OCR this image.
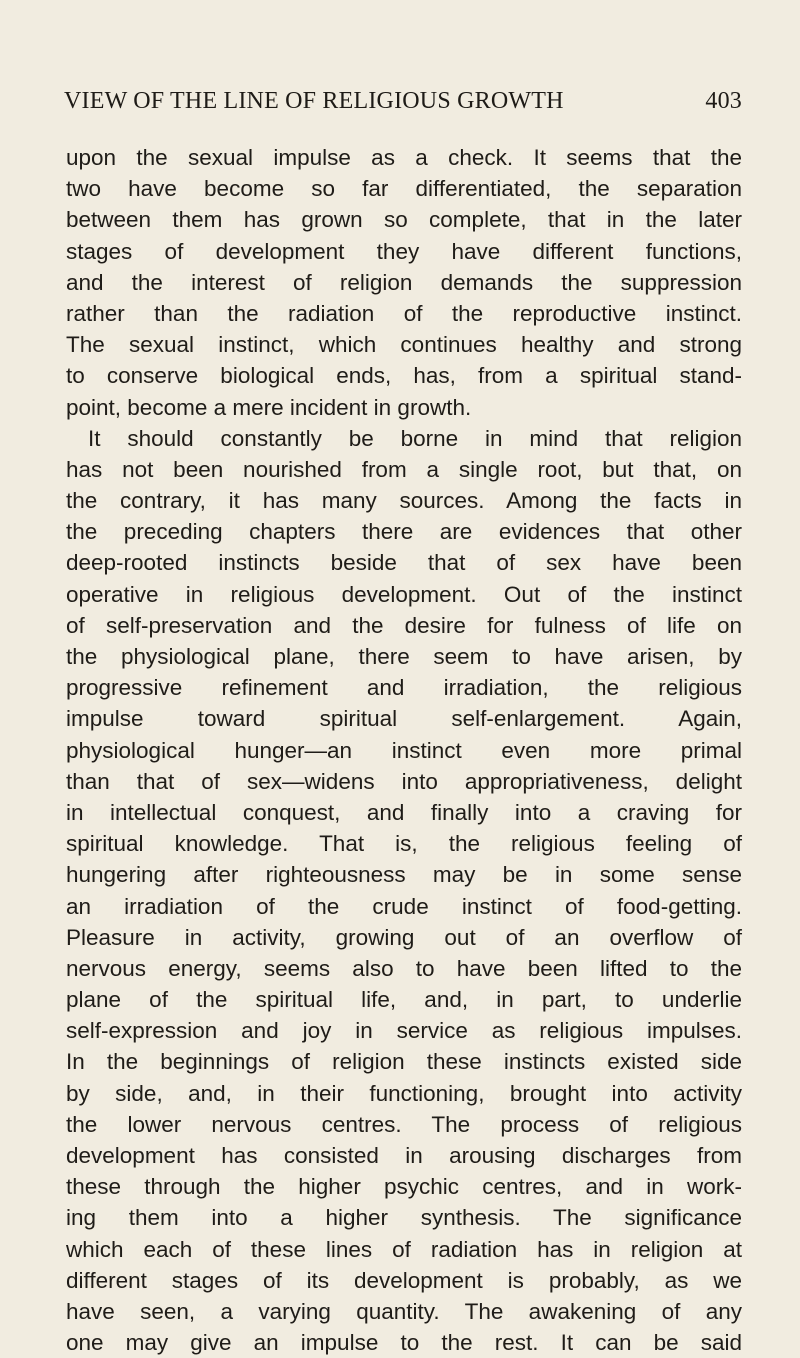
VIEW OF THE LINE OF RELIGIOUS GROWTH	403
upon the sexual impulse as a check. It seems that the
two have become so far differentiated, the separation
between them has grown so complete, that in the later
stages of development they have different functions,
and the interest of religion demands the suppression
rather than the radiation of the reproductive instinct.
The sexual instinct, which continues healthy and strong
to conserve biological ends, has, from a spiritual stand-
point, become a mere incident in growth.
It should constantly be borne in mind that religion
has not been nourished from a single root, but that, on
the contrary, it has many sources. Among the facts in
the preceding chapters there are evidences that other
deep-rooted instincts beside that of sex have been
operative in religious development. Out of the instinct
of self-preservation and the desire for fulness of life on
the physiological plane, there seem to have arisen, by
progressive refinement and irradiation, the religious
impulse toward spiritual self-enlargement. Again,
physiological hunger—an instinct even more primal
than that of sex—widens into appropriativeness, delight
in intellectual conquest, and finally into a craving for
spiritual knowledge. That is, the religious feeling of
hungering after righteousness may be in some sense
an irradiation of the crude instinct of food-getting.
Pleasure in activity, growing out of an overflow of
nervous energy, seems also to have been lifted to the
plane of the spiritual life, and, in part, to underlie
self-expression and joy in service as religious impulses.
In the beginnings of religion these instincts existed side
by side, and, in their functioning, brought into activity
the lower nervous centres. The process of religious
development has consisted in arousing discharges from
these through the higher psychic centres, and in work-
ing them into a higher synthesis. The significance
which each of these lines of radiation has in religion at
different stages of its development is probably, as we
have seen, a varying quantity. The awakening of any
one may give an impulse to the rest. It can be said
